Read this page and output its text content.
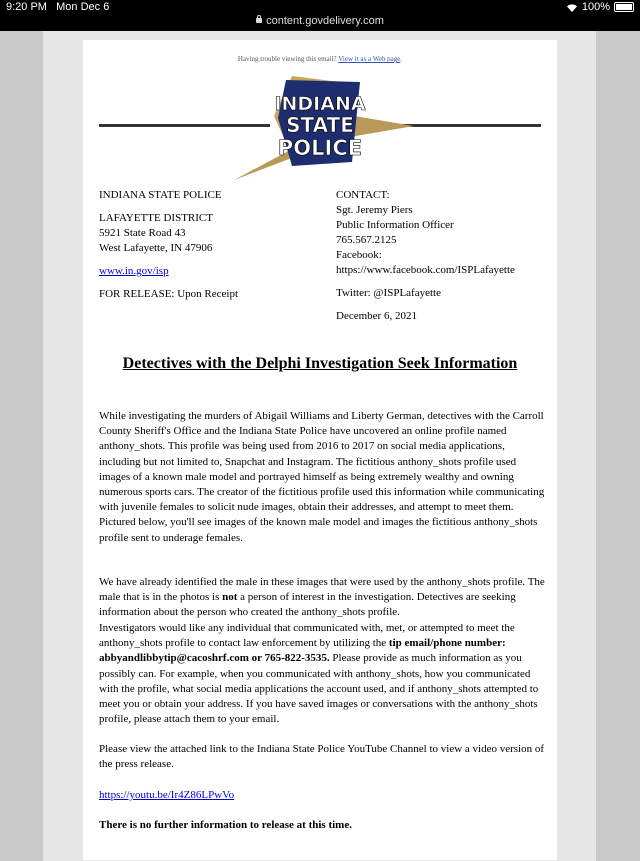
9:20 PM Mon Dec 6	100%
content.govdelivery.com
Having trouble viewing this email? View it as a Web page.
INDIANA
STATE
POLICE
INDIANA STATE POLICE
LAFAYETTE DISTRICT
5921 State Road 43
West Lafayette, IN 47906
www.in.gov/isp
FOR RELEASE: Upon Receipt
CONTACT:
Sgt. Jeremy Piers
Public Information Officer
765.567.2125
Facebook:
https://www.facebook.com/ISPLafayette
Twitter: @ISPLafayette
December 6, 2021
Detectives with the Delphi Investigation Seek Information
While investigating the murders of Abigail Williams and Liberty German, detectives with the Carroll County Sheriff's Office and the Indiana State Police have uncovered an online profile named anthony_shots. This profile was being used from 2016 to 2017 on social media applications, including but not limited to, Snapchat and Instagram. The fictitious anthony_shots profile used images of a known male model and portrayed himself as being extremely wealthy and owning numerous sports cars. The creator of the fictitious profile used this information while communicating with juvenile females to solicit nude images, obtain their addresses, and attempt to meet them. Pictured below, you'll see images of the known male model and images the fictitious anthony_shots profile sent to underage females.
We have already identified the male in these images that were used by the anthony_shots profile. The male that is in the photos is not a person of interest in the investigation. Detectives are seeking information about the person who created the anthony_shots profile.
Investigators would like any individual that communicated with, met, or attempted to meet the anthony_shots profile to contact law enforcement by utilizing the tip email/phone number: abbyandlibbytip@cacoshrf.com or 765-822-3535. Please provide as much information as you possibly can. For example, when you communicated with anthony_shots, how you communicated with the profile, what social media applications the account used, and if anthony_shots attempted to meet you or obtain your address. If you have saved images or conversations with the anthony_shots profile, please attach them to your email.
Please view the attached link to the Indiana State Police YouTube Channel to view a video version of the press release.
https://youtu.be/Ir4Z86LPwVo
There is no further information to release at this time.
